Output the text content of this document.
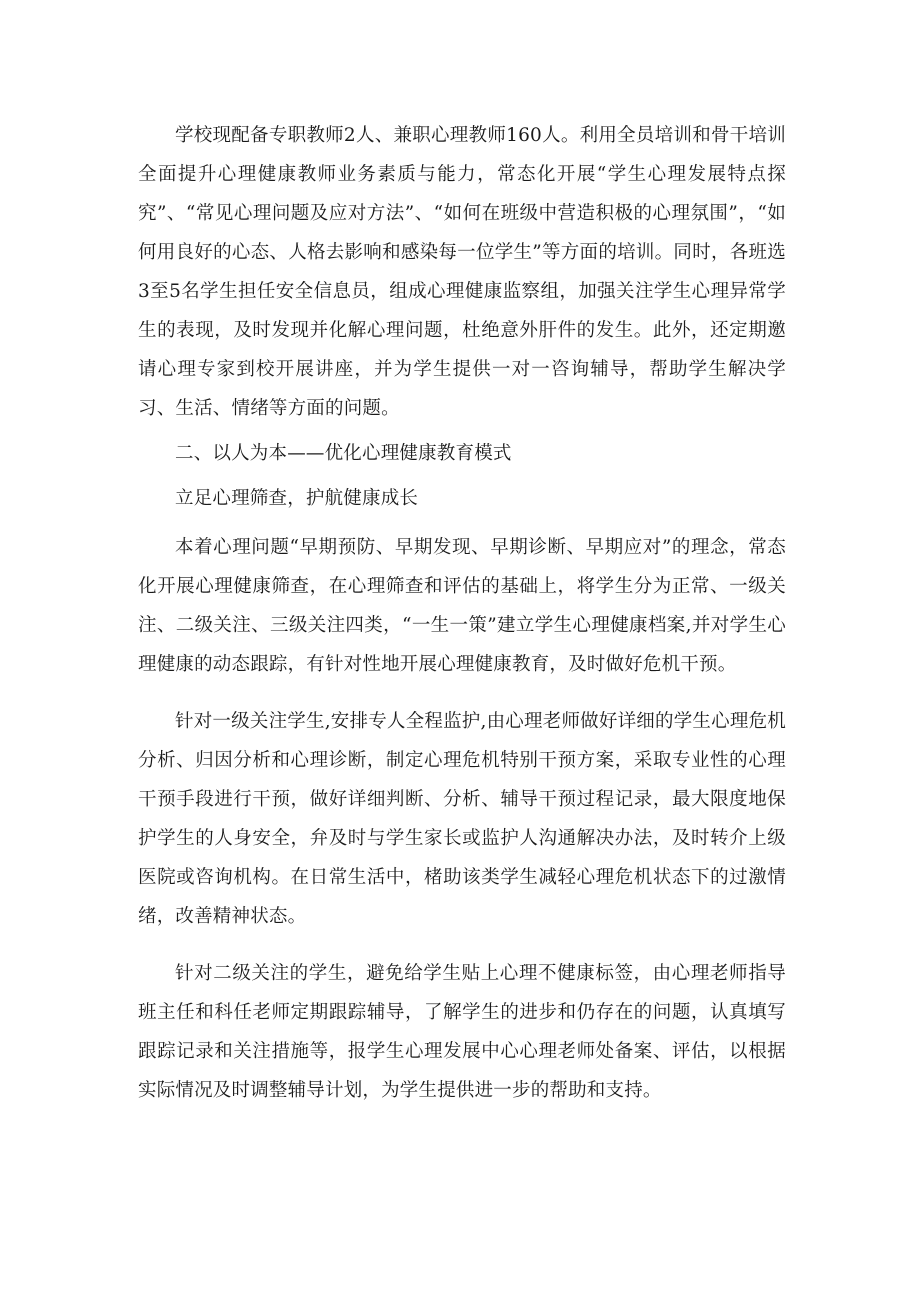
学校现配备专职教师2人、兼职心理教师160人。利用全员培训和骨干培训全面提升心理健康教师业务素质与能力，常态化开展“学生心理发展特点探究”、“常见心理问题及应对方法”、“如何在班级中营造积极的心理氛围”，“如何用良好的心态、人格去影响和感染每一位学生”等方面的培训。同时，各班选3至5名学生担任安全信息员，组成心理健康监察组，加强关注学生心理异常学生的表现，及时发现并化解心理问题，杜绝意外肝件的发生。此外，还定期邀请心理专家到校开展讲座，并为学生提供一对一咨询辅导，帮助学生解决学习、生活、情绪等方面的问题。

二、以人为本——优化心理健康教育模式

立足心理筛查，护航健康成长

本着心理问题“早期预防、早期发现、早期诊断、早期应对”的理念，常态化开展心理健康筛查，在心理筛查和评估的基础上，将学生分为正常、一级关注、二级关注、三级关注四类，“一生一策”建立学生心理健康档案,并对学生心理健康的动态跟踪，有针对性地开展心理健康教育，及时做好危机干预。

针对一级关注学生,安排专人全程监护,由心理老师做好详细的学生心理危机分析、归因分析和心理诊断，制定心理危机特别干预方案，采取专业性的心理干预手段进行干预，做好详细判断、分析、辅导干预过程记录，最大限度地保护学生的人身安全，弁及时与学生家长或监护人沟通解决办法，及时转介上级医院或咨询机构。在日常生活中，楮助该类学生减轻心理危机状态下的过激情绪，改善精神状态。

针对二级关注的学生，避免给学生贴上心理不健康标签，由心理老师指导班主任和科任老师定期跟踪辅导，了解学生的进步和仍存在的问题，认真填写跟踪记录和关注措施等，报学生心理发展中心心理老师处备案、评估，以根据实际情况及时调整辅导计划，为学生提供进一步的帮助和支持。
